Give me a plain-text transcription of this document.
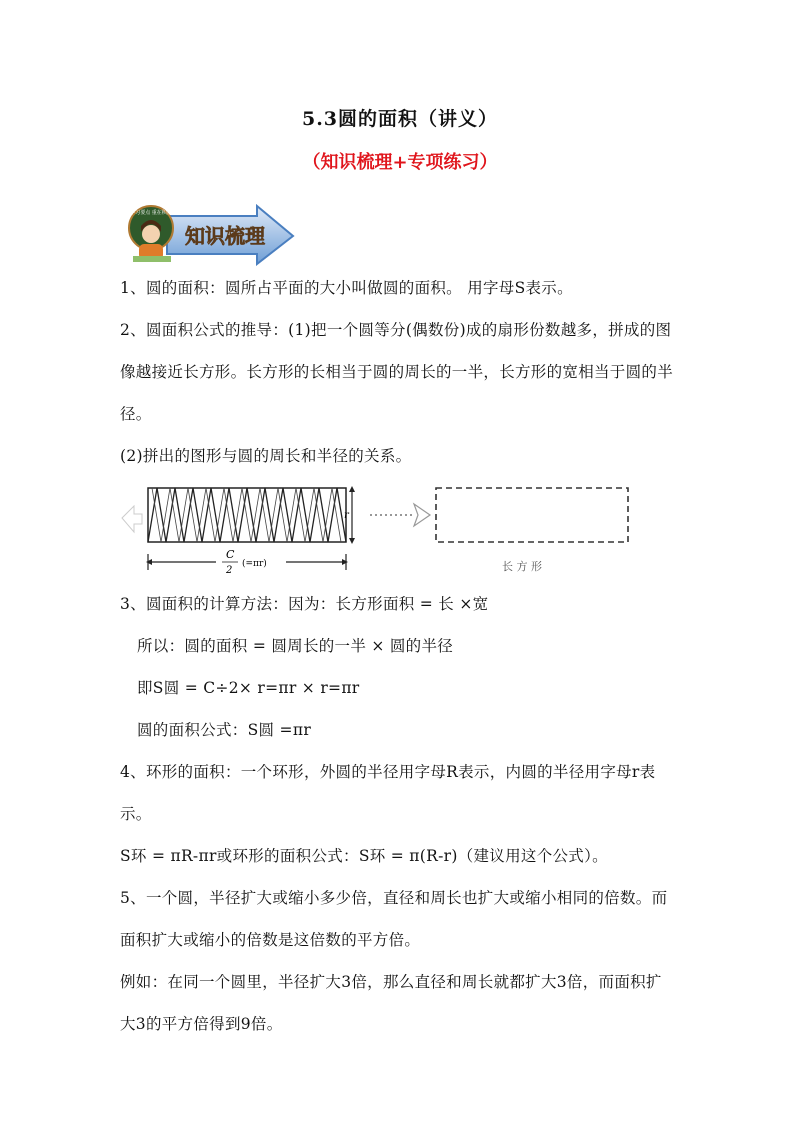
5.3圆的面积（讲义）
（知识梳理+专项练习）
学习要点 重在积累
知识梳理
1、圆的面积：圆所占平面的大小叫做圆的面积。 用字母S表示。
2、圆面积公式的推导：(1)把一个圆等分(偶数份)成的扇形份数越多，拼成的图
像越接近长方形。长方形的长相当于圆的周长的一半，长方形的宽相当于圆的半
径。
(2)拼出的图形与圆的周长和半径的关系。
r
C
2
(=πr)	长 方 形
3、圆面积的计算方法：因为：长方形面积 = 长 ×宽
所以：圆的面积 = 圆周长的一半 × 圆的半径
即S圆 = C÷2× r=πr × r=πr
圆的面积公式：S圆 =πr
4、环形的面积：一个环形，外圆的半径用字母R表示，内圆的半径用字母r表
示。
S环 = πR-πr或环形的面积公式：S环 = π(R-r)（建议用这个公式）。
5、一个圆，半径扩大或缩小多少倍，直径和周长也扩大或缩小相同的倍数。而
面积扩大或缩小的倍数是这倍数的平方倍。
例如：在同一个圆里，半径扩大3倍，那么直径和周长就都扩大3倍，而面积扩
大3的平方倍得到9倍。
